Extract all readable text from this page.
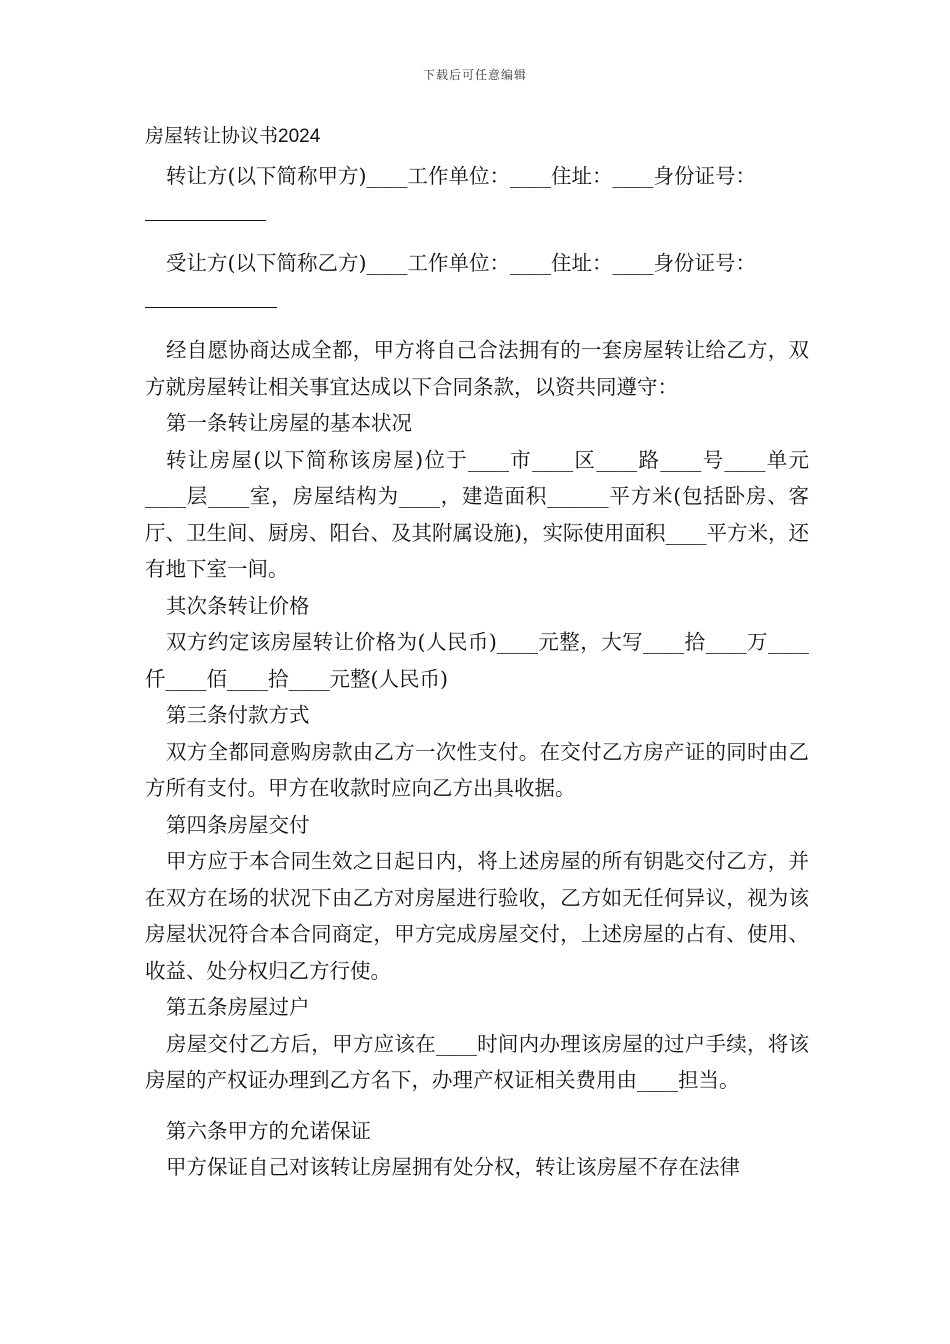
下载后可任意编辑
房屋转让协议书2024

转让方(以下简称甲方)____工作单位：____住址：____身份证号：

受让方(以下简称乙方)____工作单位：____住址：____身份证号：

经自愿协商达成全都，甲方将自己合法拥有的一套房屋转让给乙方，双方就房屋转让相关事宜达成以下合同条款，以资共同遵守：

第一条转让房屋的基本状况

转让房屋(以下简称该房屋)位于____市____区____路____号____单元____层____室，房屋结构为____，建造面积______平方米(包括卧房、客厅、卫生间、厨房、阳台、及其附属设施)，实际使用面积____平方米，还有地下室一间。

其次条转让价格

双方约定该房屋转让价格为(人民币)____元整，大写____拾____万____仟____佰____拾____元整(人民币)

第三条付款方式

双方全都同意购房款由乙方一次性支付。在交付乙方房产证的同时由乙方所有支付。甲方在收款时应向乙方出具收据。

第四条房屋交付

甲方应于本合同生效之日起日内，将上述房屋的所有钥匙交付乙方，并在双方在场的状况下由乙方对房屋进行验收，乙方如无任何异议，视为该房屋状况符合本合同商定，甲方完成房屋交付，上述房屋的占有、使用、收益、处分权归乙方行使。

第五条房屋过户

房屋交付乙方后，甲方应该在____时间内办理该房屋的过户手续，将该房屋的产权证办理到乙方名下，办理产权证相关费用由____担当。

第六条甲方的允诺保证

甲方保证自己对该转让房屋拥有处分权，转让该房屋不存在法律
